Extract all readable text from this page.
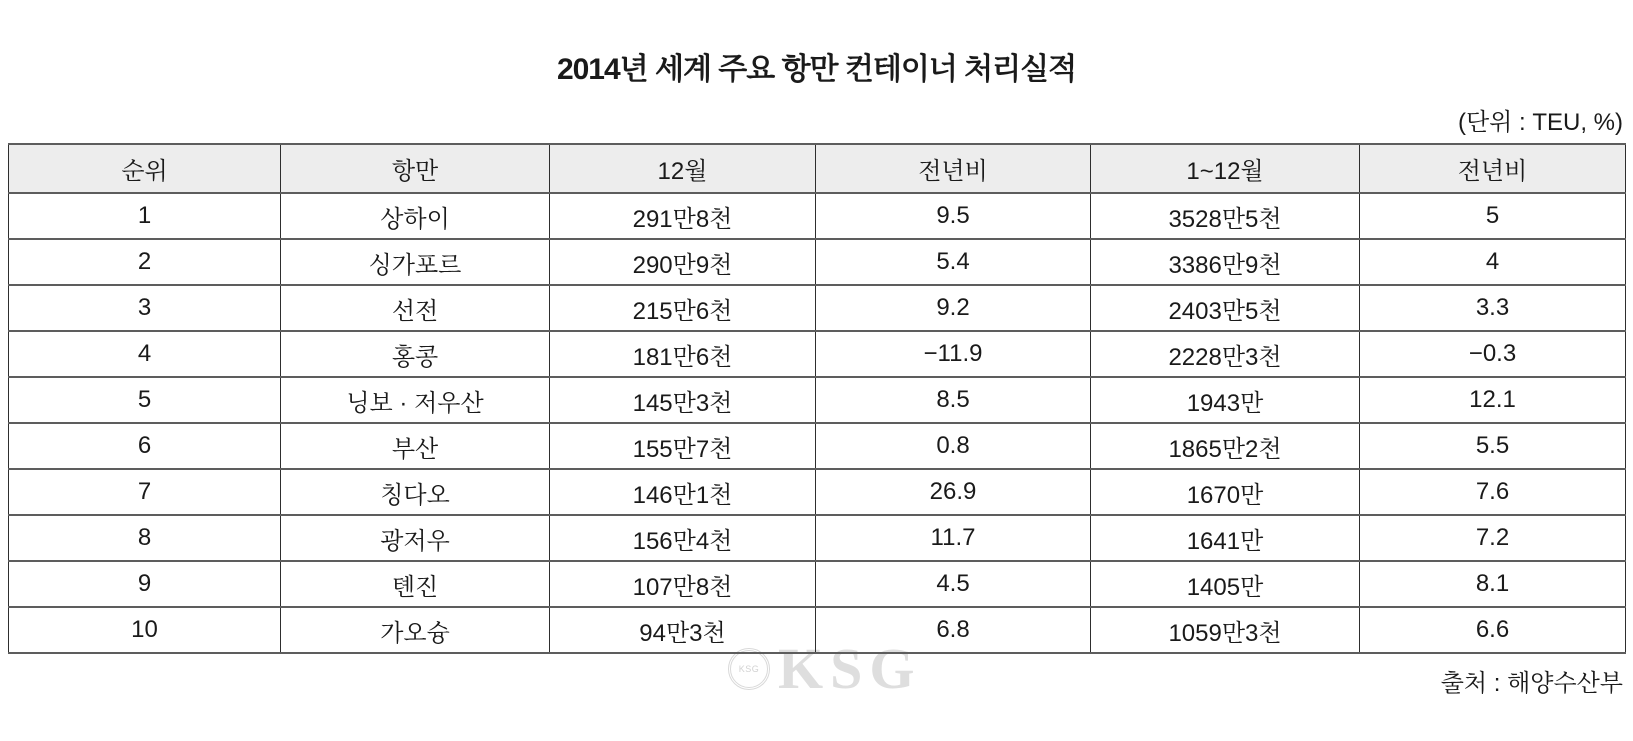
KSG KSG
2014년 세계 주요 항만 컨테이너 처리실적
(단위 : TEU, %)
순위	항만	12월	전년비	1~12월	전년비
1	상하이	291만8천	9.5	3528만5천	5
2	싱가포르	290만9천	5.4	3386만9천	4
3	선전	215만6천	9.2	2403만5천	3.3
4	홍콩	181만6천	−11.9	2228만3천	−0.3
5	닝보 · 저우산	145만3천	8.5	1943만	12.1
6	부산	155만7천	0.8	1865만2천	5.5
7	칭다오	146만1천	26.9	1670만	7.6
8	광저우	156만4천	11.7	1641만	7.2
9	톈진	107만8천	4.5	1405만	8.1
10	가오슝	94만3천	6.8	1059만3천	6.6
출처 : 해양수산부
